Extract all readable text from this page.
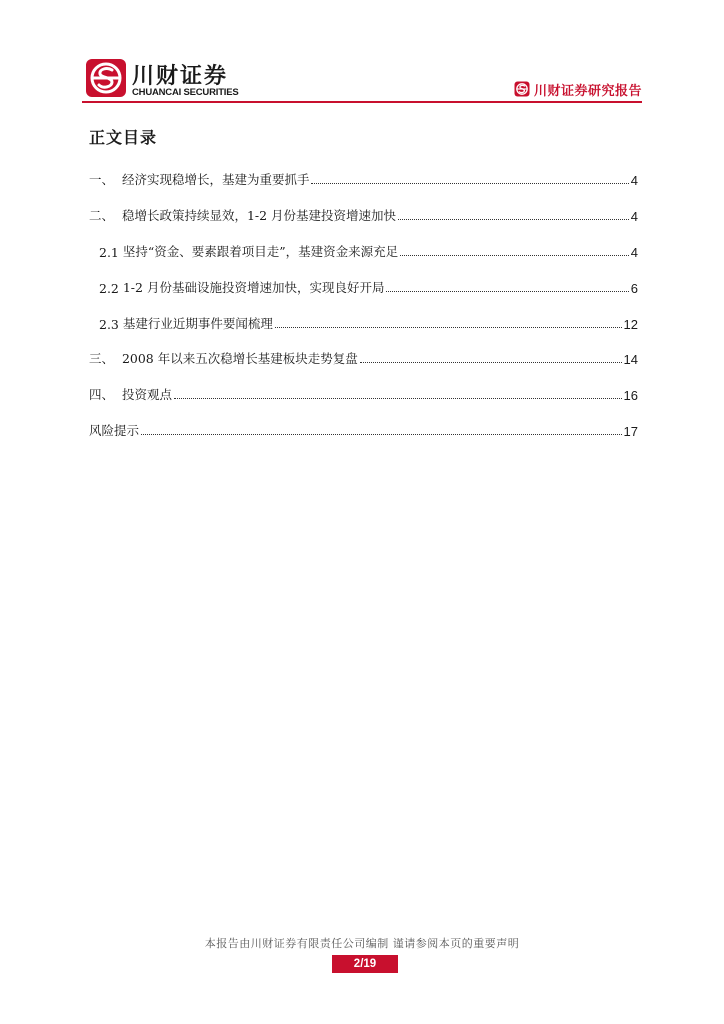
川财证券
CHUANCAI SECURITIES	川财证券研究报告
正文目录
一、 经济实现稳增长，基建为重要抓手	4
二、 稳增长政策持续显效，1-2 月份基建投资增速加快	4
2.1 坚持“资金、要素跟着项目走”，基建资金来源充足	4
2.2 1-2 月份基础设施投资增速加快，实现良好开局	6
2.3 基建行业近期事件要闻梳理	12
三、 2008 年以来五次稳增长基建板块走势复盘	14
四、 投资观点	16
风险提示	17
本报告由川财证券有限责任公司编制 谨请参阅本页的重要声明
2/19
